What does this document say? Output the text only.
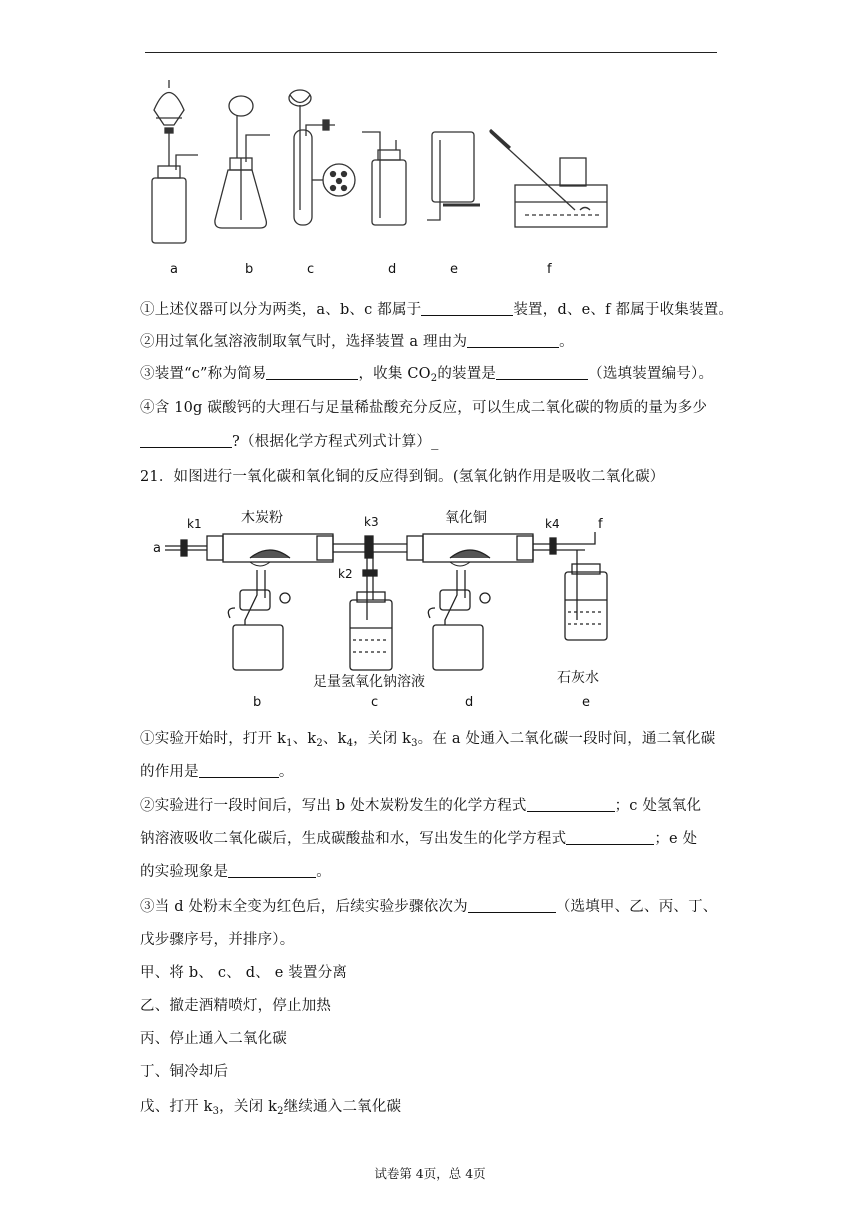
a	b	c	d	e	f
①上述仪器可以分为两类，a、b、c 都属于	装置，d、e、f 都属于收集装置。
②用过氧化氢溶液制取氧气时，选择装置 a 理由为	。
③装置“c”称为简易	，收集 $CO_2$的装置是	（选填装置编号）。
④含 10g 碳酸钙的大理石与足量稀盐酸充分反应，可以生成二氧化碳的物质的量为多少
?（根据化学方程式列式计算）_
21．如图进行一氧化碳和氧化铜的反应得到铜。(氢氧化钠作用是吸收二氧化碳）
a
k1	木炭粉	k3	氧化铜	k4	f
k2
足量氢氧化钠溶液	石灰水
b	c	d	e
①实验开始时，打开 $k_1$、$k_2$、$k_4$，关闭 $k_3$。在 a 处通入二氧化碳一段时间，通二氧化碳
的作用是	。
②实验进行一段时间后，写出 b 处木炭粉发生的化学方程式	；c 处氢氧化
钠溶液吸收二氧化碳后，生成碳酸盐和水，写出发生的化学方程式	；e 处
的实验现象是	。
③当 d 处粉末全变为红色后，后续实验步骤依次为	（选填甲、乙、丙、丁、
戊步骤序号，并排序）。
甲、将 b、 c、 d、 e 装置分离
乙、撤走酒精喷灯，停止加热
丙、停止通入二氧化碳
丁、铜冷却后
戊、打开 $k_3$，关闭 $k_2$继续通入二氧化碳
试卷第 4页，总 4页
